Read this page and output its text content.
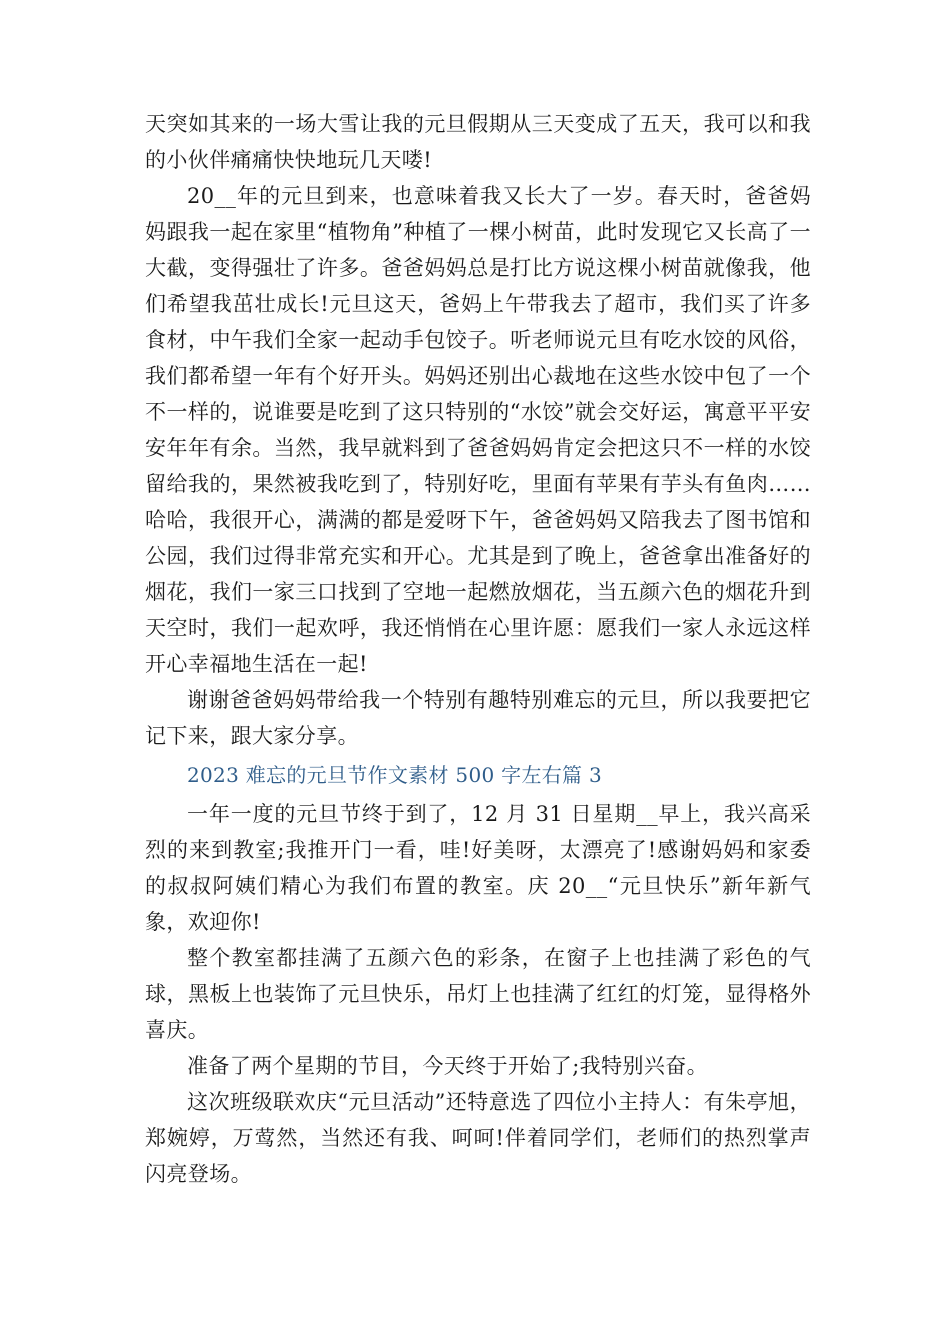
天突如其来的一场大雪让我的元旦假期从三天变成了五天，我可以和我的小伙伴痛痛快快地玩几天喽!

20__年的元旦到来，也意味着我又长大了一岁。春天时，爸爸妈妈跟我一起在家里“植物角”种植了一棵小树苗，此时发现它又长高了一大截，变得强壮了许多。爸爸妈妈总是打比方说这棵小树苗就像我，他们希望我茁壮成长!元旦这天，爸妈上午带我去了超市，我们买了许多食材，中午我们全家一起动手包饺子。听老师说元旦有吃水饺的风俗，我们都希望一年有个好开头。妈妈还别出心裁地在这些水饺中包了一个不一样的，说谁要是吃到了这只特别的“水饺”就会交好运，寓意平平安安年年有余。当然，我早就料到了爸爸妈妈肯定会把这只不一样的水饺留给我的，果然被我吃到了，特别好吃，里面有苹果有芋头有鱼肉……哈哈，我很开心，满满的都是爱呀下午，爸爸妈妈又陪我去了图书馆和公园，我们过得非常充实和开心。尤其是到了晚上，爸爸拿出准备好的烟花，我们一家三口找到了空地一起燃放烟花，当五颜六色的烟花升到天空时，我们一起欢呼，我还悄悄在心里许愿：愿我们一家人永远这样开心幸福地生活在一起!

谢谢爸爸妈妈带给我一个特别有趣特别难忘的元旦，所以我要把它记下来，跟大家分享。

2023 难忘的元旦节作文素材 500 字左右篇 3

一年一度的元旦节终于到了，12 月 31 日星期__早上，我兴高采烈的来到教室;我推开门一看，哇!好美呀，太漂亮了!感谢妈妈和家委的叔叔阿姨们精心为我们布置的教室。庆 20__“元旦快乐”新年新气象，欢迎你!

整个教室都挂满了五颜六色的彩条，在窗子上也挂满了彩色的气球，黑板上也装饰了元旦快乐，吊灯上也挂满了红红的灯笼，显得格外喜庆。

准备了两个星期的节目，今天终于开始了;我特别兴奋。

这次班级联欢庆“元旦活动”还特意选了四位小主持人：有朱亭旭，郑婉婷，万莺然，当然还有我、呵呵!伴着同学们，老师们的热烈掌声闪亮登场。
